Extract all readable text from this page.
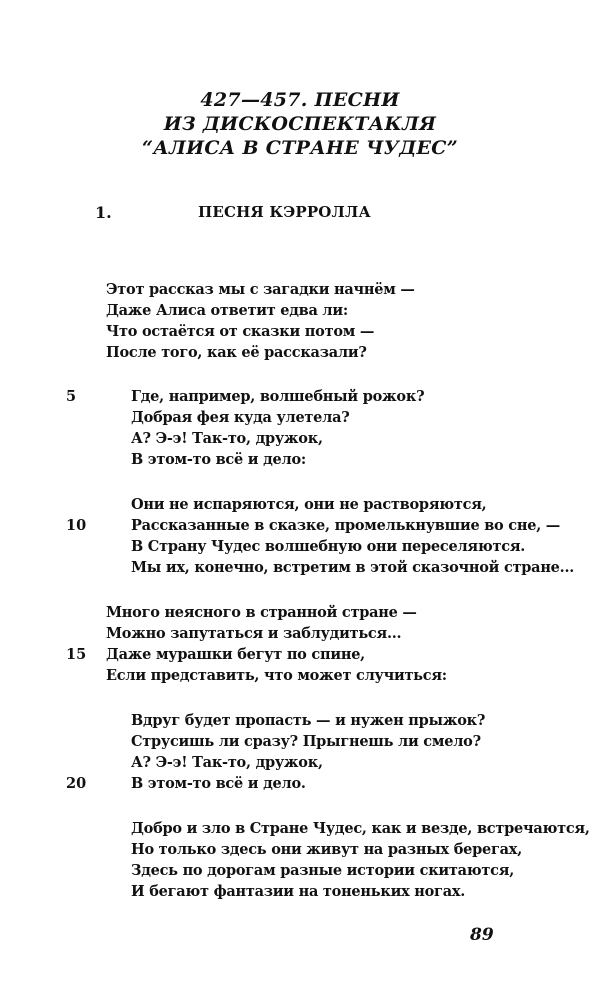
427—457. ПЕСНИ
ИЗ ДИСКОСПЕКТАКЛЯ
“АЛИСА В СТРАНЕ ЧУДЕС”
1.	ПЕСНЯ КЭРРОЛЛА
Этот рассказ мы с загадки начнём —
Даже Алиса ответит едва ли:
Что остаётся от сказки потом —
После того, как её рассказали?
5	Где, например, волшебный рожок?
Добрая фея куда улетела?
А? Э-э! Так-то, дружок,
В этом-то всё и дело:
Они не испаряются, они не растворяются,
10	Рассказанные в сказке, промелькнувшие во сне, —
В Страну Чудес волшебную они переселяются.
Мы их, конечно, встретим в этой сказочной стране...
Много неясного в странной стране —
Можно запутаться и заблудиться...
15 Даже мурашки бегут по спине,
Если представить, что может случиться:
Вдруг будет пропасть — и нужен прыжок?
Струсишь ли сразу? Прыгнешь ли смело?
А? Э-э! Так-то, дружок,
20	В этом-то всё и дело.
Добро и зло в Стране Чудес, как и везде, встречаются,
Но только здесь они живут на разных берегах,
Здесь по дорогам разные истории скитаются,
И бегают фантазии на тоненьких ногах.
89
